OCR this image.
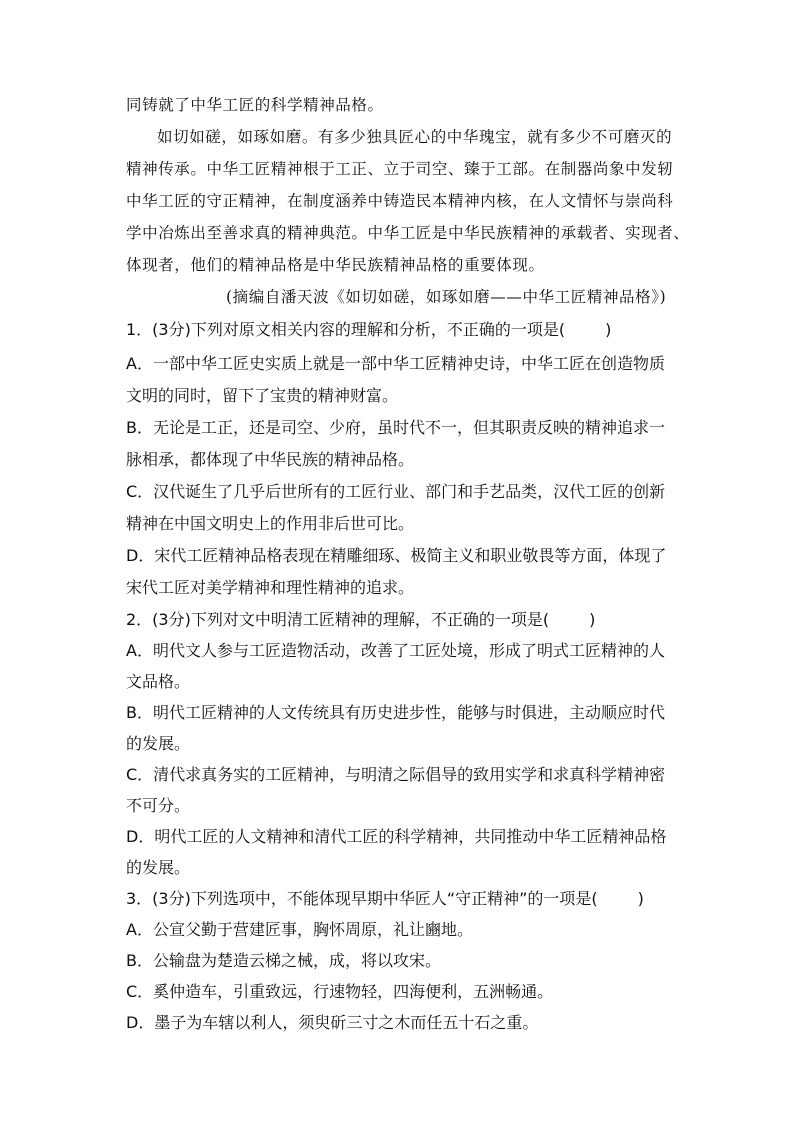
同铸就了中华工匠的科学精神品格。
如切如磋，如琢如磨。有多少独具匠心的中华瑰宝，就有多少不可磨灭的
精神传承。中华工匠精神根于工正、立于司空、臻于工部。在制器尚象中发轫
中华工匠的守正精神，在制度涵养中铸造民本精神内核，在人文情怀与崇尚科
学中冶炼出至善求真的精神典范。中华工匠是中华民族精神的承载者、实现者、
体现者，他们的精神品格是中华民族精神品格的重要体现。
(摘编自潘天波《如切如磋，如琢如磨——中华工匠精神品格》)
1．(3分)下列对原文相关内容的理解和分析，不正确的一项是(	)
A．一部中华工匠史实质上就是一部中华工匠精神史诗，中华工匠在创造物质
文明的同时，留下了宝贵的精神财富。
B．无论是工正，还是司空、少府，虽时代不一，但其职责反映的精神追求一
脉相承，都体现了中华民族的精神品格。
C．汉代诞生了几乎后世所有的工匠行业、部门和手艺品类，汉代工匠的创新
精神在中国文明史上的作用非后世可比。
D．宋代工匠精神品格表现在精雕细琢、极简主义和职业敬畏等方面，体现了
宋代工匠对美学精神和理性精神的追求。
2．(3分)下列对文中明清工匠精神的理解，不正确的一项是(	)
A．明代文人参与工匠造物活动，改善了工匠处境，形成了明式工匠精神的人
文品格。
B．明代工匠精神的人文传统具有历史进步性，能够与时俱进，主动顺应时代
的发展。
C．清代求真务实的工匠精神，与明清之际倡导的致用实学和求真科学精神密
不可分。
D．明代工匠的人文精神和清代工匠的科学精神，共同推动中华工匠精神品格
的发展。
3．(3分)下列选项中，不能体现早期中华匠人“守正精神”的一项是(	)
A．公宣父勤于营建匠事，胸怀周原，礼让豳地。
B．公输盘为楚造云梯之械，成，将以攻宋。
C．奚仲造车，引重致远，行速物轻，四海便利，五洲畅通。
D．墨子为车辖以利人，须臾斫三寸之木而任五十石之重。
